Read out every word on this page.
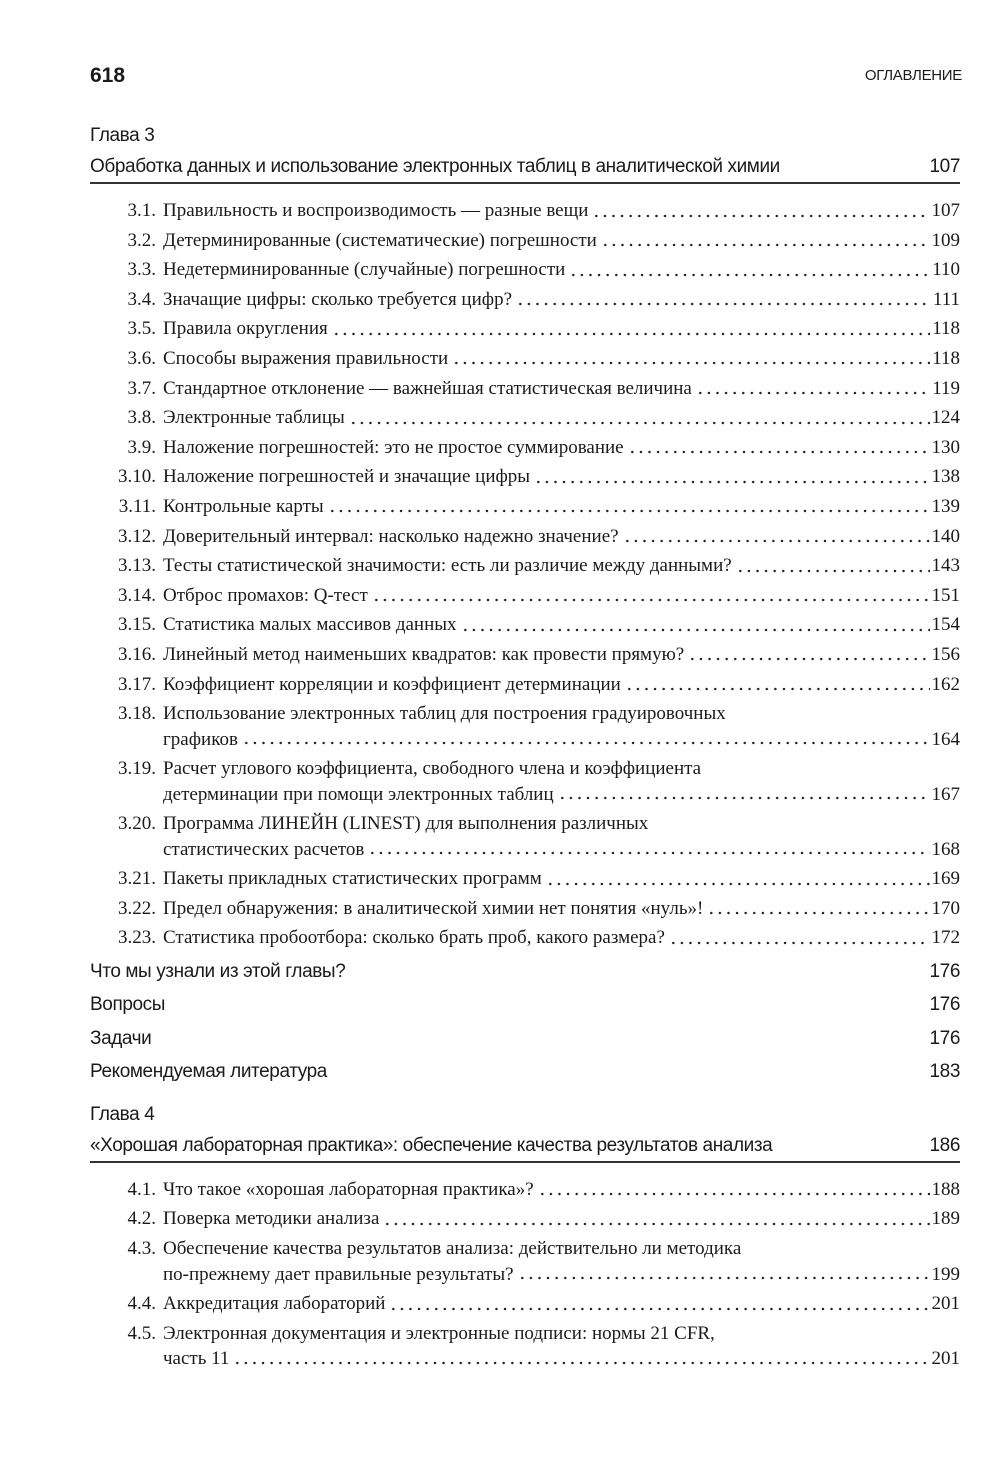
618	ОГЛАВЛЕНИЕ
Глава 3
Обработка данных и использование электронных таблиц в аналитической химии	107
3.1. Правильность и воспроизводимость — разные вещи	107
3.2. Детерминированные (систематические) погрешности	109
3.3. Недетерминированные (случайные) погрешности	110
3.4. Значащие цифры: сколько требуется цифр?	111
3.5. Правила округления	118
3.6. Способы выражения правильности	118
3.7. Стандартное отклонение — важнейшая статистическая величина	119
3.8. Электронные таблицы	124
3.9. Наложение погрешностей: это не простое суммирование	130
3.10. Наложение погрешностей и значащие цифры	138
3.11. Контрольные карты	139
3.12. Доверительный интервал: насколько надежно значение?	140
3.13. Тесты статистической значимости: есть ли различие между данными?	143
3.14. Отброс промахов: Q-тест	151
3.15. Статистика малых массивов данных	154
3.16. Линейный метод наименьших квадратов: как провести прямую?	156
3.17. Коэффициент корреляции и коэффициент детерминации	162
3.18. Использование электронных таблиц для построения градуировочных
графиков	164
3.19. Расчет углового коэффициента, свободного члена и коэффициента
детерминации при помощи электронных таблиц	167
3.20. Программа ЛИНЕЙН (LINEST) для выполнения различных
статистических расчетов	168
3.21. Пакеты прикладных статистических программ	169
3.22. Предел обнаружения: в аналитической химии нет понятия «нуль»!	170
3.23. Статистика пробоотбора: сколько брать проб, какого размера?	172
Что мы узнали из этой главы?	176
Вопросы	176
Задачи	176
Рекомендуемая литература	183
Глава 4
«Хорошая лабораторная практика»: обеспечение качества результатов анализа	186
4.1. Что такое «хорошая лабораторная практика»?	188
4.2. Поверка методики анализа	189
4.3. Обеспечение качества результатов анализа: действительно ли методика
по-прежнему дает правильные результаты?	199
4.4. Аккредитация лабораторий	201
4.5. Электронная документация и электронные подписи: нормы 21 CFR,
часть 11	201
